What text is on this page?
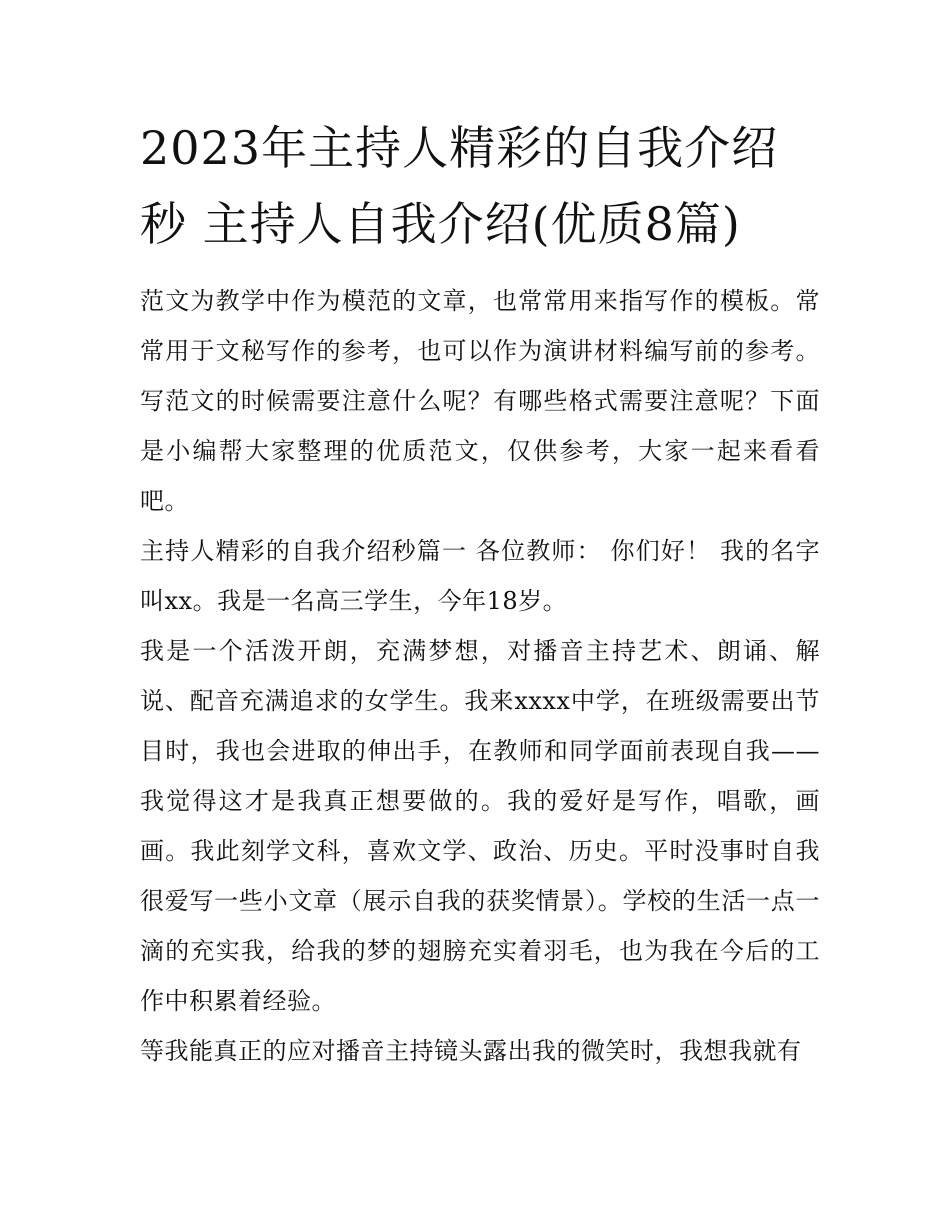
2023年主持人精彩的自我介绍
秒 主持人自我介绍(优质8篇)

范文为教学中作为模范的文章，也常常用来指写作的模板。常常用于文秘写作的参考，也可以作为演讲材料编写前的参考。写范文的时候需要注意什么呢？有哪些格式需要注意呢？下面是小编帮大家整理的优质范文，仅供参考，大家一起来看看吧。

主持人精彩的自我介绍秒篇一 各位教师： 你们好！ 我的名字叫xx。我是一名高三学生，今年18岁。

我是一个活泼开朗，充满梦想，对播音主持艺术、朗诵、解说、配音充满追求的女学生。我来xxxx中学，在班级需要出节目时，我也会进取的伸出手，在教师和同学面前表现自我——我觉得这才是我真正想要做的。我的爱好是写作，唱歌，画画。我此刻学文科，喜欢文学、政治、历史。平时没事时自我很爱写一些小文章（展示自我的获奖情景）。学校的生活一点一滴的充实我，给我的梦的翅膀充实着羽毛，也为我在今后的工作中积累着经验。

等我能真正的应对播音主持镜头露出我的微笑时，我想我就有
